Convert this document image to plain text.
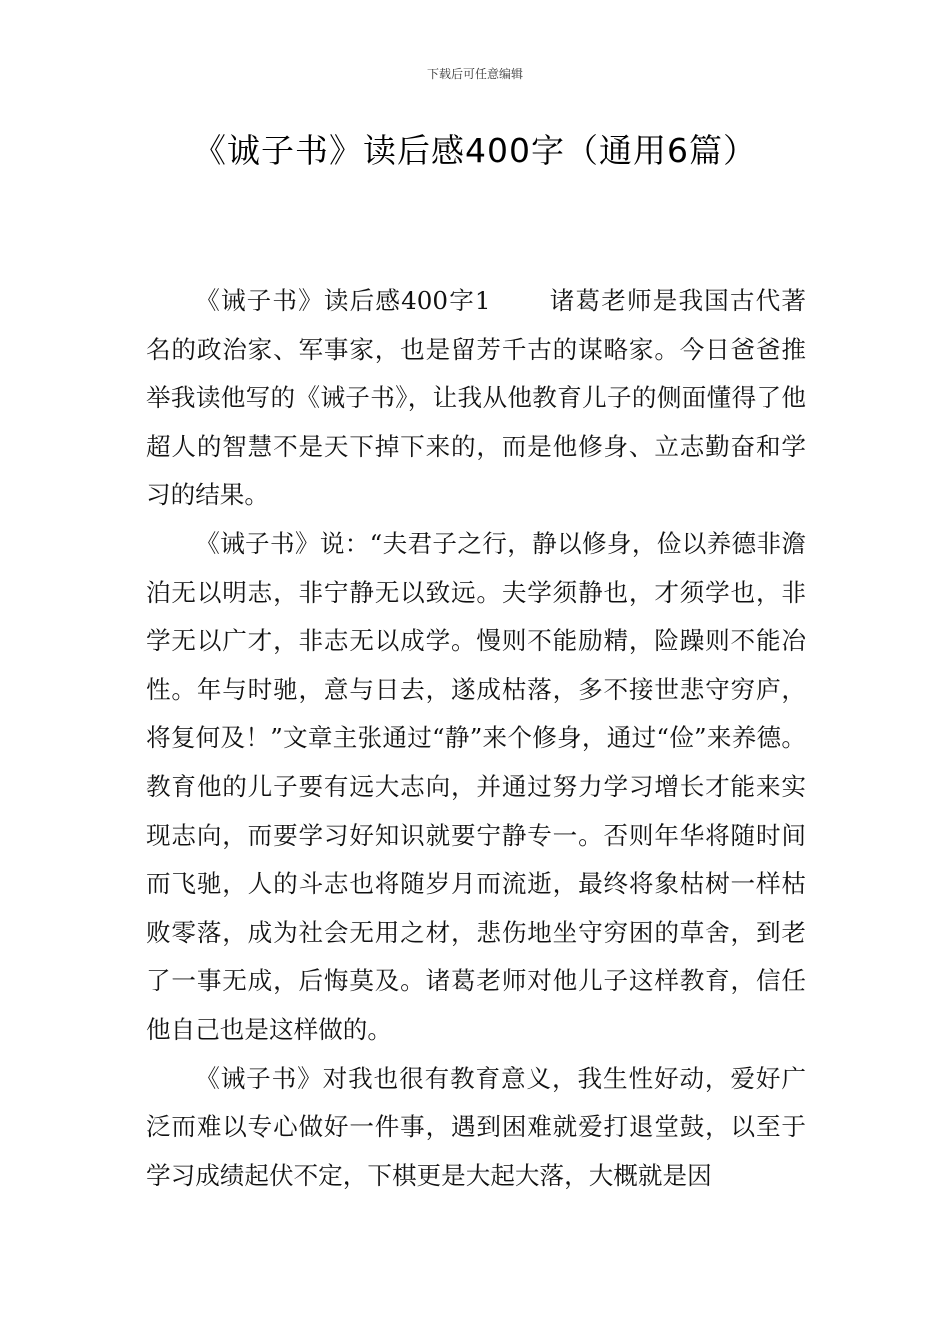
下载后可任意编辑
《诚子书》读后感400字（通用6篇）

《诫子书》读后感400字1 诸葛老师是我国古代著名的政治家、军事家，也是留芳千古的谋略家。今日爸爸推举我读他写的《诫子书》，让我从他教育儿子的侧面懂得了他超人的智慧不是天下掉下来的，而是他修身、立志勤奋和学习的结果。

《诫子书》说：“夫君子之行，静以修身，俭以养德非澹泊无以明志，非宁静无以致远。夫学须静也，才须学也，非学无以广才，非志无以成学。慢则不能励精，险躁则不能冶性。年与时驰，意与日去，遂成枯落，多不接世悲守穷庐，将复何及！”文章主张通过“静”来个修身，通过“俭”来养德。教育他的儿子要有远大志向，并通过努力学习增长才能来实现志向，而要学习好知识就要宁静专一。否则年华将随时间而飞驰，人的斗志也将随岁月而流逝，最终将象枯树一样枯败零落，成为社会无用之材，悲伤地坐守穷困的草舍，到老了一事无成，后悔莫及。诸葛老师对他儿子这样教育，信任他自己也是这样做的。

《诫子书》对我也很有教育意义，我生性好动，爱好广泛而难以专心做好一件事，遇到困难就爱打退堂鼓，以至于学习成绩起伏不定，下棋更是大起大落，大概就是因
